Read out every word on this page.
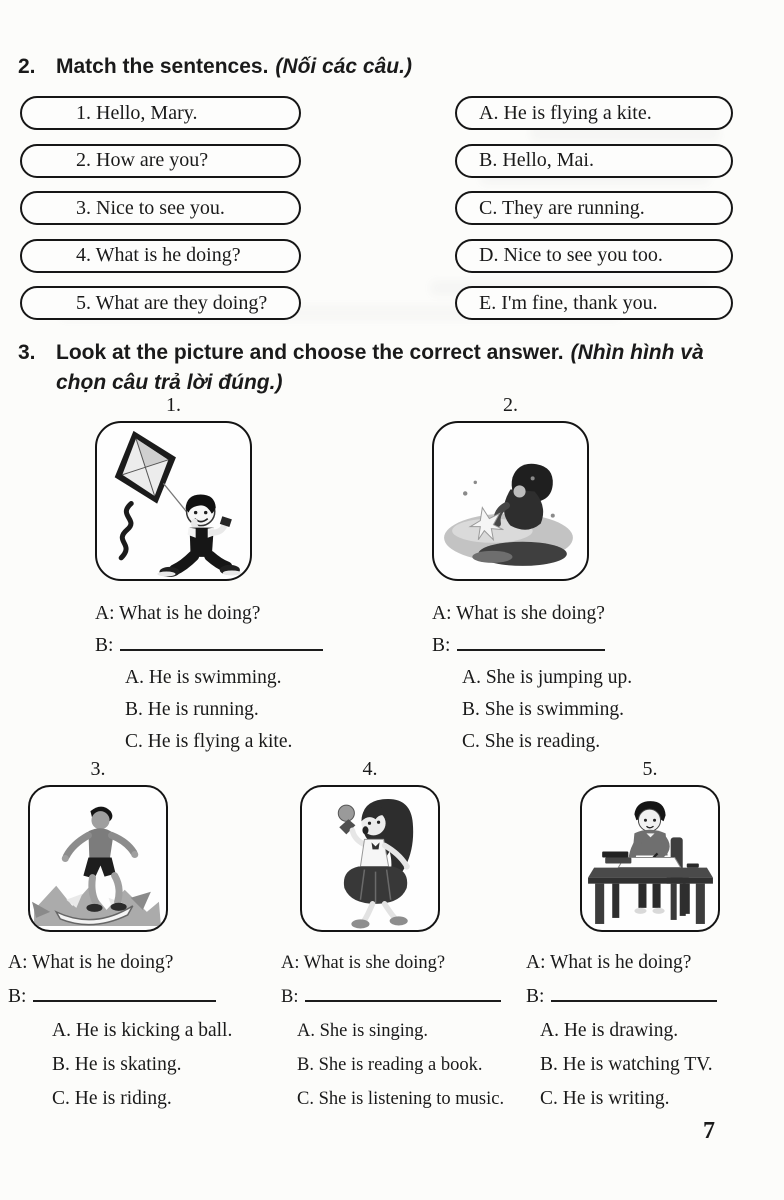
2. Match the sentences. (Nối các câu.)
1. Hello, Mary.
2. How are you?
3. Nice to see you.
4. What is he doing?
5. What are they doing?
A. He is flying a kite.
B. Hello, Mai.
C. They are running.
D. Nice to see you too.
E. I'm fine, thank you.
3. Look at the picture and choose the correct answer. (Nhìn hình và chọn câu trả lời đúng.)
1.
A: What is he doing?
B:
A. He is swimming.
B. He is running.
C. He is flying a kite.
2.
A: What is she doing?
B:
A. She is jumping up.
B. She is swimming.
C. She is reading.
3.
A: What is he doing?
B:
A. He is kicking a ball.
B. He is skating.
C. He is riding.
4.
A: What is she doing?
B:
A. She is singing.
B. She is reading a book.
C. She is listening to music.
5.
A: What is he doing?
B:
A. He is drawing.
B. He is watching TV.
C. He is writing.
7
